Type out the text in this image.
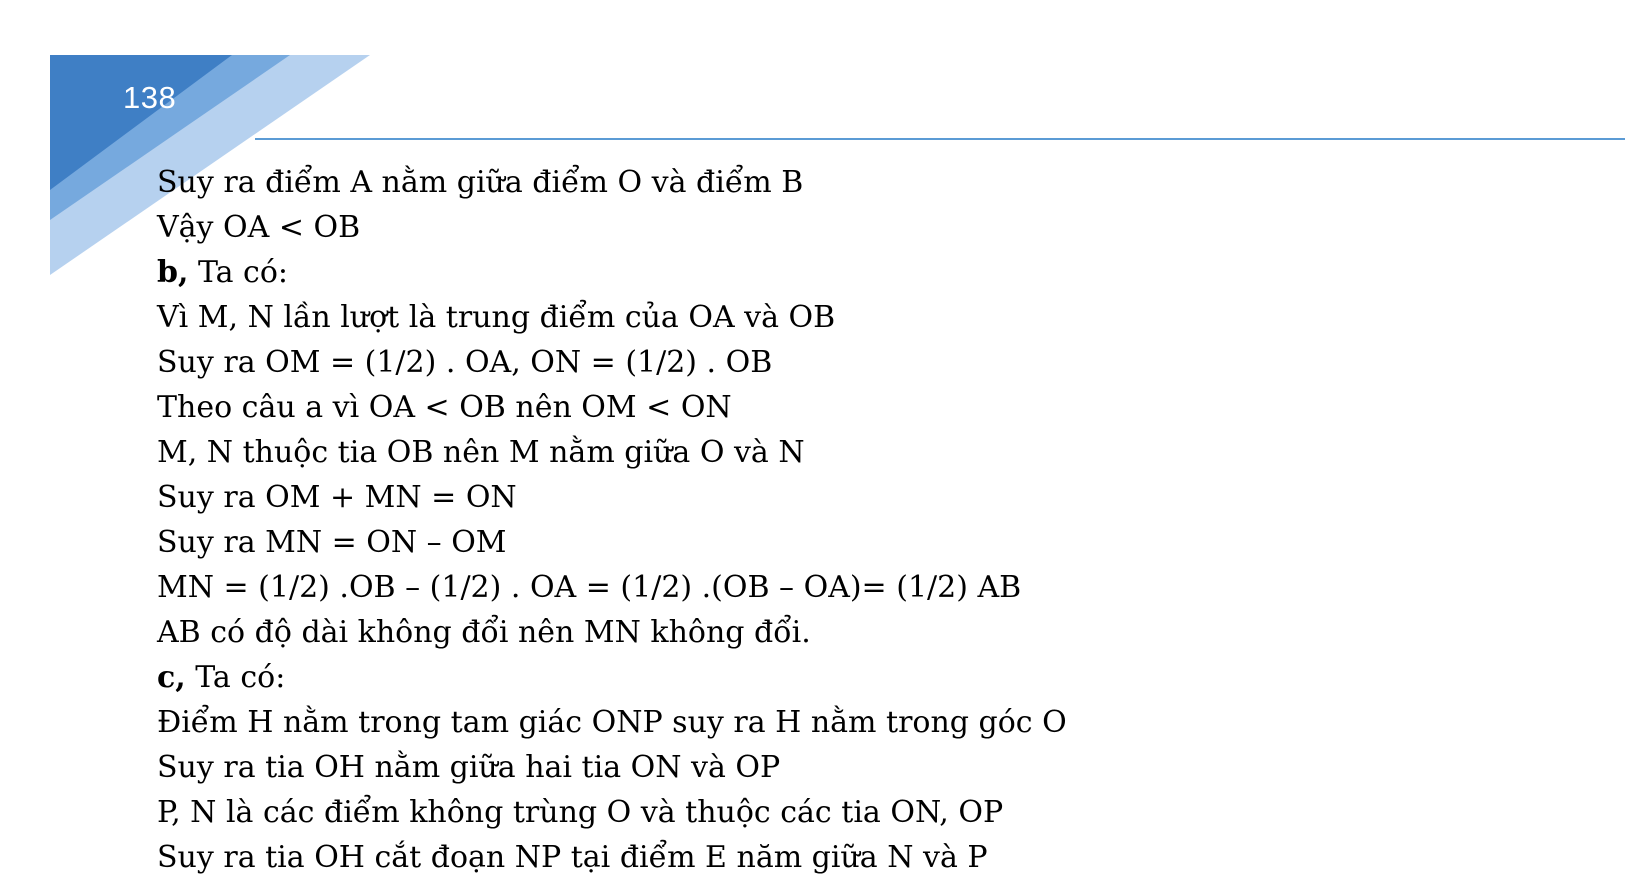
138
Suy ra điểm A nằm giữa điểm O và điểm B
Vậy OA < OB
b, Ta có:
Vì M, N lần lượt là trung điểm của OA và OB
Suy ra OM = (1/2) . OA, ON = (1/2) . OB
Theo câu a vì OA < OB nên OM < ON
M, N thuộc tia OB nên M nằm giữa O và N
Suy ra OM + MN = ON
Suy ra MN = ON – OM
MN = (1/2) .OB – (1/2) . OA = (1/2) .(OB – OA)= (1/2) AB
AB có độ dài không đổi nên MN không đổi.
c, Ta có:
Điểm H nằm trong tam giác ONP suy ra H nằm trong góc O
Suy ra tia OH nằm giữa hai tia ON và OP
P, N là các điểm không trùng O và thuộc các tia ON, OP
Suy ra tia OH cắt đoạn NP tại điểm E năm giữa N và P
